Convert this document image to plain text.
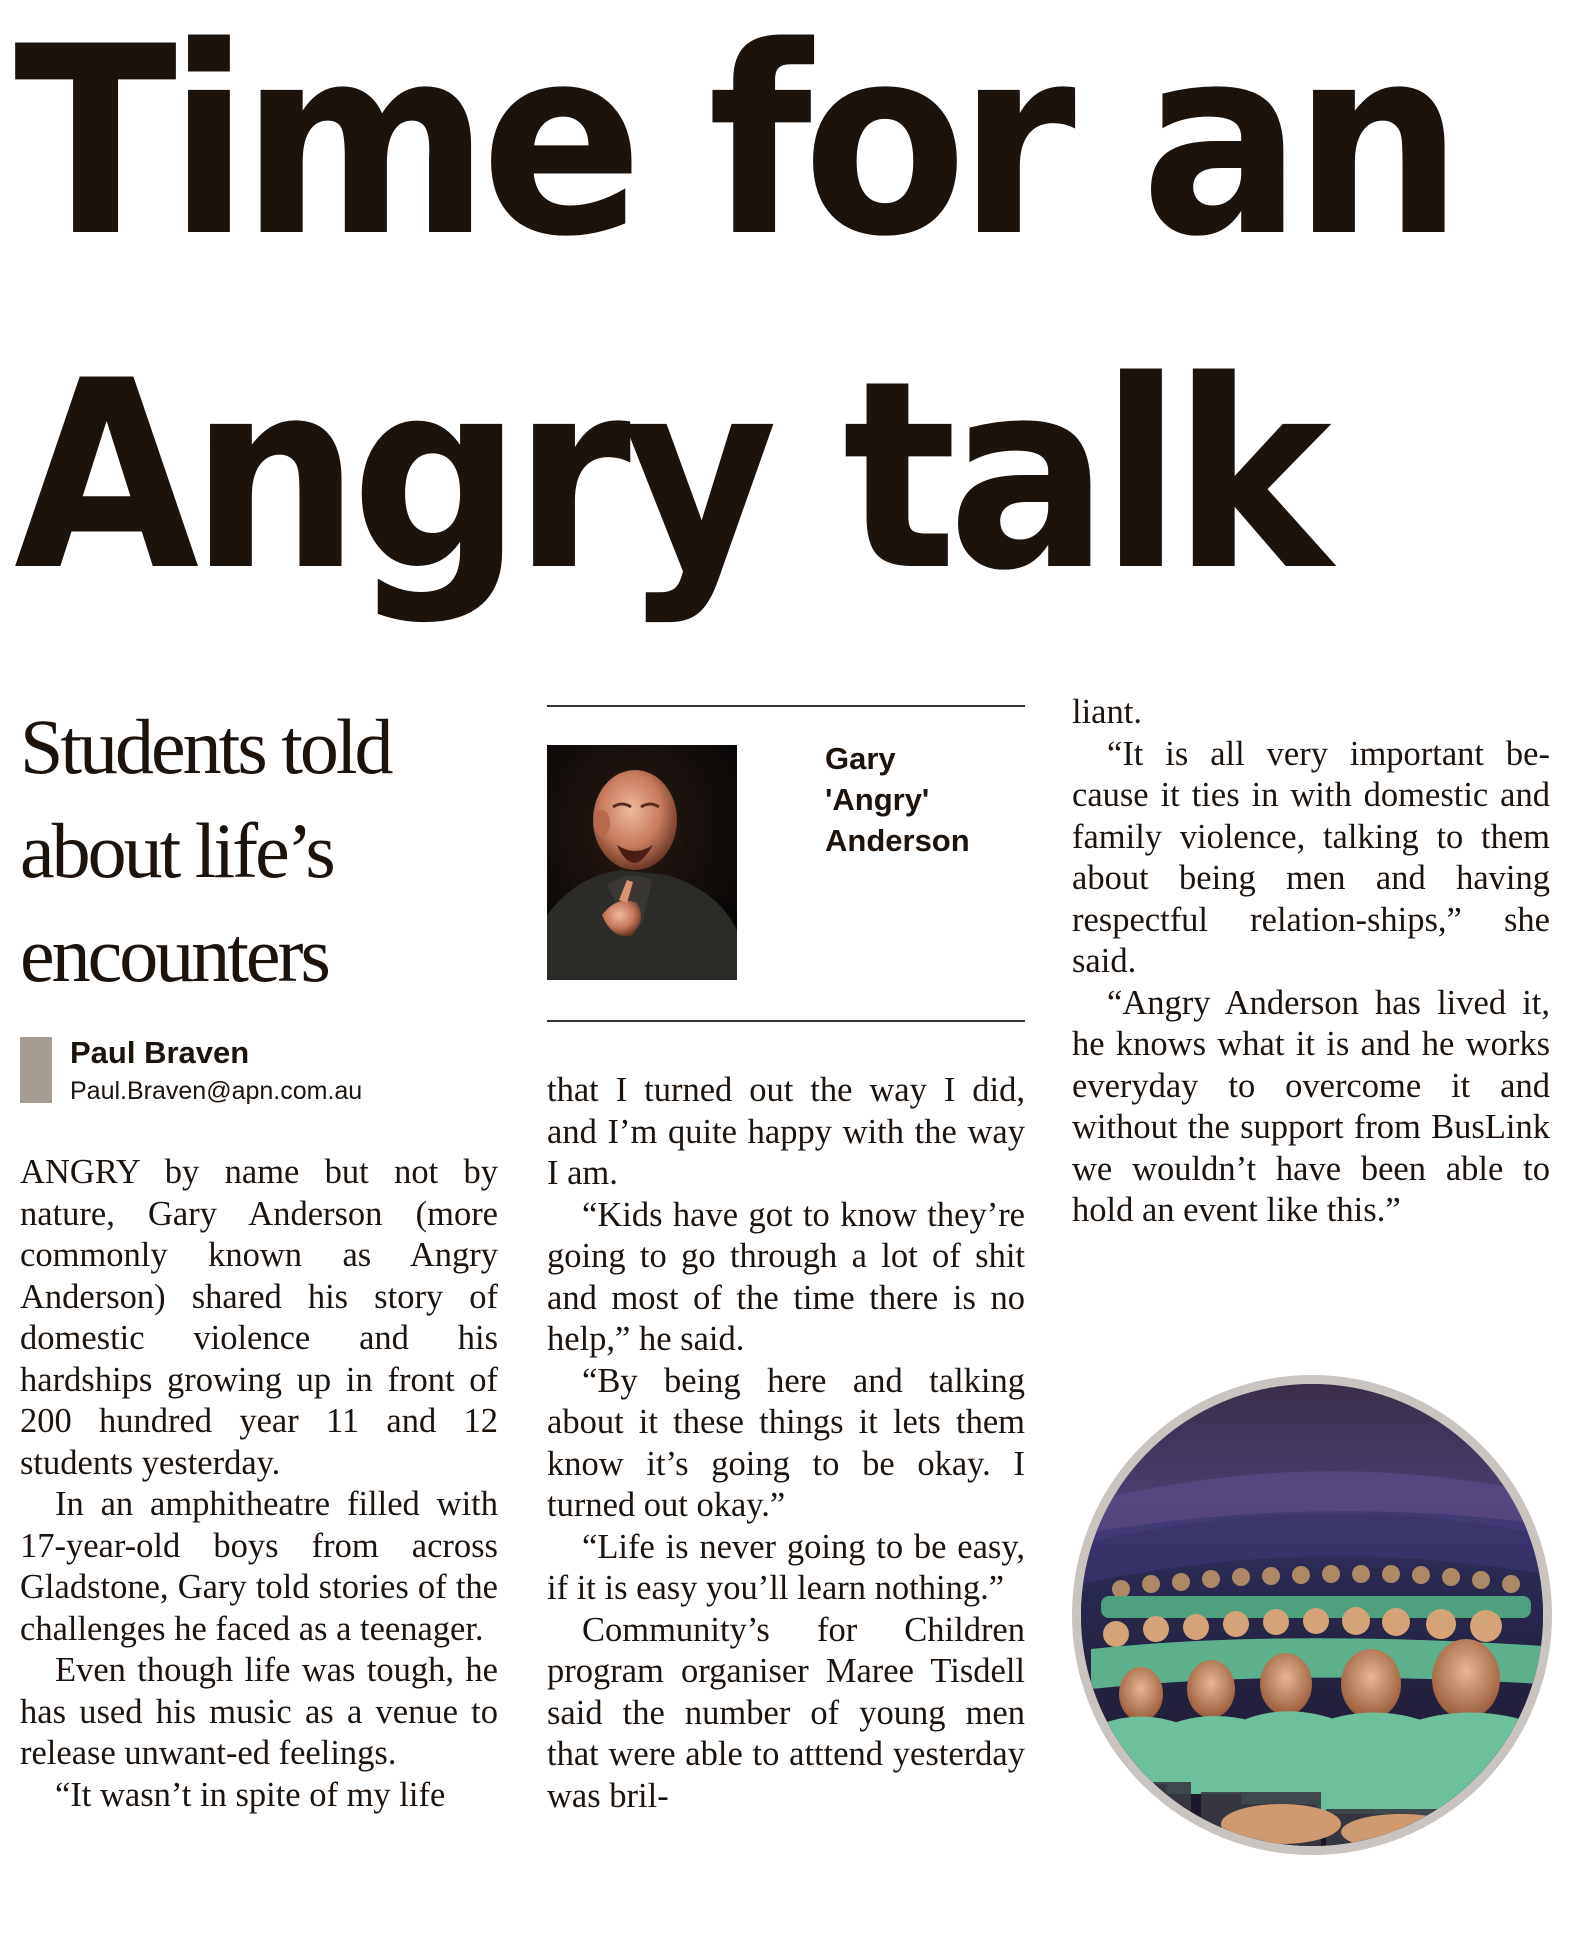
Time for an
Angry talk
Students told
about life’s
encounters
Paul Braven
Paul.Braven@apn.com.au

ANGRY by name but not by nature, Gary Anderson (more commonly known as Angry Anderson) shared his story of domestic violence and his hardships growing up in front of 200 hundred year 11 and 12 students yesterday.

In an amphitheatre filled with 17-year-old boys from across Gladstone, Gary told stories of the challenges he faced as a teenager.

Even though life was tough, he has used his music as a venue to release unwant-ed feelings.

“It wasn’t in spite of my life

Gary
'Angry'
Anderson

that I turned out the way I did, and I’m quite happy with the way I am.

“Kids have got to know they’re going to go through a lot of shit and most of the time there is no help,” he said.

“By being here and talking about it these things it lets them know it’s going to be okay. I turned out okay.”

“Life is never going to be easy, if it is easy you’ll learn nothing.”

Community’s for Children program organiser Maree Tisdell said the number of young men that were able to atttend yesterday was bril-

liant.

“It is all very important be-cause it ties in with domestic and family violence, talking to them about being men and having respectful relation-ships,” she said.

“Angry Anderson has lived it, he knows what it is and he works everyday to overcome it and without the support from BusLink we wouldn’t have been able to hold an event like this.”
